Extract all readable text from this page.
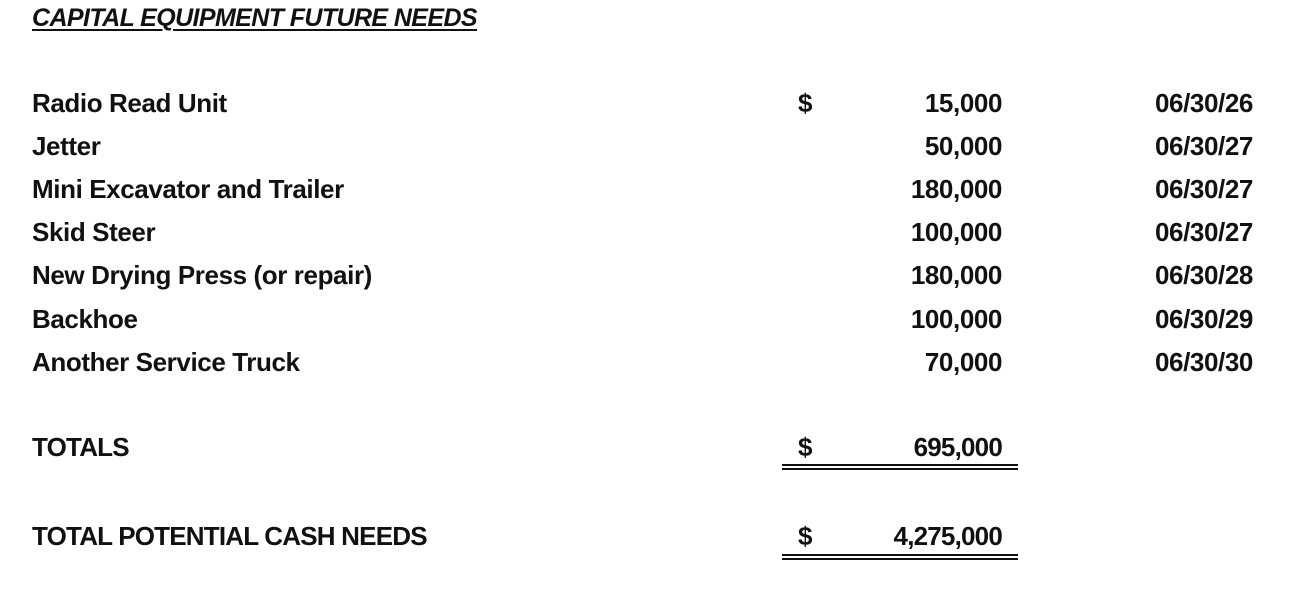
CAPITAL EQUIPMENT FUTURE NEEDS
Radio Read Unit	$	15,000	06/30/26
Jetter	50,000	06/30/27
Mini Excavator and Trailer	180,000	06/30/27
Skid Steer	100,000	06/30/27
New Drying Press (or repair)	180,000	06/30/28
Backhoe	100,000	06/30/29
Another Service Truck	70,000	06/30/30
TOTALS	$	695,000
TOTAL POTENTIAL CASH NEEDS	$	4,275,000
